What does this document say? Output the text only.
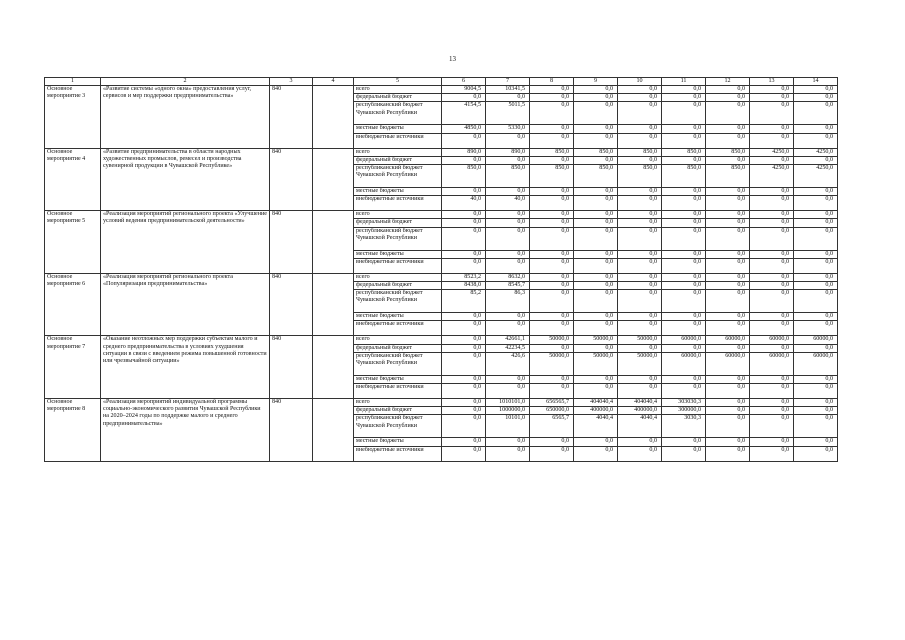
13
1	2	3	4	5	6	7	8	9	10	11	12	13	14
Основное мероприятие 3	«Развитие системы «одного окна» предоставления услуг, сервисов и мер поддержки предпринимательства»	840		всего	9004,5	10341,5	0,0	0,0	0,0	0,0	0,0	0,0	0,0
				федеральный бюджет	0,0	0,0	0,0	0,0	0,0	0,0	0,0	0,0	0,0
				республиканский бюджет Чувашской Республики	4154,5	5011,5	0,0	0,0	0,0	0,0	0,0	0,0	0,0
				местные бюджеты	4850,0	5330,0	0,0	0,0	0,0	0,0	0,0	0,0	0,0
				внебюджетные источники	0,0	0,0	0,0	0,0	0,0	0,0	0,0	0,0	0,0
Основное мероприятие 4	«Развитие предпринимательства в области народных художественных промыслов, ремесел и производства сувенирной продукции в Чувашской Республике»	840		всего	890,0	890,0	850,0	850,0	850,0	850,0	850,0	4250,0	4250,0
				федеральный бюджет	0,0	0,0	0,0	0,0	0,0	0,0	0,0	0,0	0,0
				республиканский бюджет Чувашской Республики	850,0	850,0	850,0	850,0	850,0	850,0	850,0	4250,0	4250,0
				местные бюджеты	0,0	0,0	0,0	0,0	0,0	0,0	0,0	0,0	0,0
				внебюджетные источники	40,0	40,0	0,0	0,0	0,0	0,0	0,0	0,0	0,0
Основное мероприятие 5	«Реализация мероприятий регионального проекта «Улучшение условий ведения предпринимательской деятельности»	840		всего	0,0	0,0	0,0	0,0	0,0	0,0	0,0	0,0	0,0
				федеральный бюджет	0,0	0,0	0,0	0,0	0,0	0,0	0,0	0,0	0,0
				республиканский бюджет Чувашской Республики	0,0	0,0	0,0	0,0	0,0	0,0	0,0	0,0	0,0
				местные бюджеты	0,0	0,0	0,0	0,0	0,0	0,0	0,0	0,0	0,0
				внебюджетные источники	0,0	0,0	0,0	0,0	0,0	0,0	0,0	0,0	0,0
Основное мероприятие 6	«Реализация мероприятий регионального проекта «Популяризация предпринимательства»	840		всего	8523,2	8632,0	0,0	0,0	0,0	0,0	0,0	0,0	0,0
				федеральный бюджет	8438,0	8545,7	0,0	0,0	0,0	0,0	0,0	0,0	0,0
				республиканский бюджет Чувашской Республики	85,2	86,3	0,0	0,0	0,0	0,0	0,0	0,0	0,0
				местные бюджеты	0,0	0,0	0,0	0,0	0,0	0,0	0,0	0,0	0,0
				внебюджетные источники	0,0	0,0	0,0	0,0	0,0	0,0	0,0	0,0	0,0
Основное мероприятие 7	«Оказание неотложных мер поддержки субъектам малого и среднего предпринимательства в условиях ухудшения ситуации в связи с введением режима повышенной готовности или чрезвычайной ситуации»	840		всего	0,0	42661,1	50000,0	50000,0	50000,0	60000,0	60000,0	60000,0	60000,0
				федеральный бюджет	0,0	42234,5	0,0	0,0	0,0	0,0	0,0	0,0	0,0
				республиканский бюджет Чувашской Республики	0,0	426,6	50000,0	50000,0	50000,0	60000,0	60000,0	60000,0	60000,0
				местные бюджеты	0,0	0,0	0,0	0,0	0,0	0,0	0,0	0,0	0,0
				внебюджетные источники	0,0	0,0	0,0	0,0	0,0	0,0	0,0	0,0	0,0
Основное мероприятие 8	«Реализация мероприятий индивидуальной программы социально-экономического развития Чувашской Республики на 2020–2024 годы по поддержке малого и среднего предпринимательства»	840		всего	0,0	1010101,0	656565,7	404040,4	404040,4	303030,3	0,0	0,0	0,0
				федеральный бюджет	0,0	1000000,0	650000,0	400000,0	400000,0	300000,0	0,0	0,0	0,0
				республиканский бюджет Чувашской Республики	0,0	10101,0	6565,7	4040,4	4040,4	3030,3	0,0	0,0	0,0
				местные бюджеты	0,0	0,0	0,0	0,0	0,0	0,0	0,0	0,0	0,0
				внебюджетные источники	0,0	0,0	0,0	0,0	0,0	0,0	0,0	0,0	0,0
